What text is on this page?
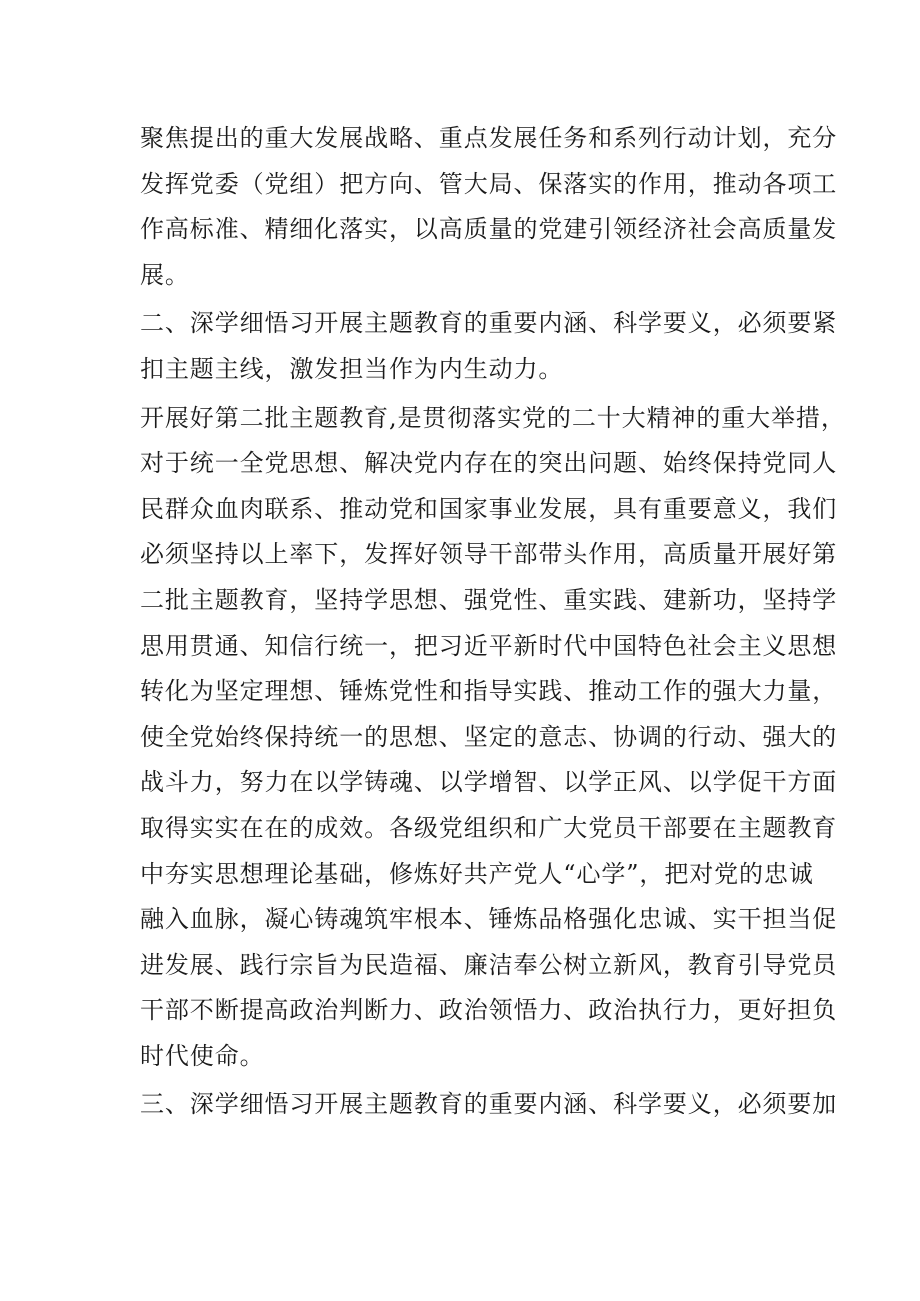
聚焦提出的重大发展战略、重点发展任务和系列行动计划，充分
发挥党委（党组）把方向、管大局、保落实的作用，推动各项工
作高标准、精细化落实，以高质量的党建引领经济社会高质量发
展。
二、深学细悟习开展主题教育的重要内涵、科学要义，必须要紧
扣主题主线，激发担当作为内生动力。
开展好第二批主题教育,是贯彻落实党的二十大精神的重大举措，
对于统一全党思想、解决党内存在的突出问题、始终保持党同人
民群众血肉联系、推动党和国家事业发展，具有重要意义，我们
必须坚持以上率下，发挥好领导干部带头作用，高质量开展好第
二批主题教育，坚持学思想、强党性、重实践、建新功，坚持学
思用贯通、知信行统一，把习近平新时代中国特色社会主义思想
转化为坚定理想、锤炼党性和指导实践、推动工作的强大力量，
使全党始终保持统一的思想、坚定的意志、协调的行动、强大的
战斗力，努力在以学铸魂、以学增智、以学正风、以学促干方面
取得实实在在的成效。各级党组织和广大党员干部要在主题教育
中夯实思想理论基础，修炼好共产党人“心学”，把对党的忠诚
融入血脉，凝心铸魂筑牢根本、锤炼品格强化忠诚、实干担当促
进发展、践行宗旨为民造福、廉洁奉公树立新风，教育引导党员
干部不断提高政治判断力、政治领悟力、政治执行力，更好担负
时代使命。
三、深学细悟习开展主题教育的重要内涵、科学要义，必须要加
